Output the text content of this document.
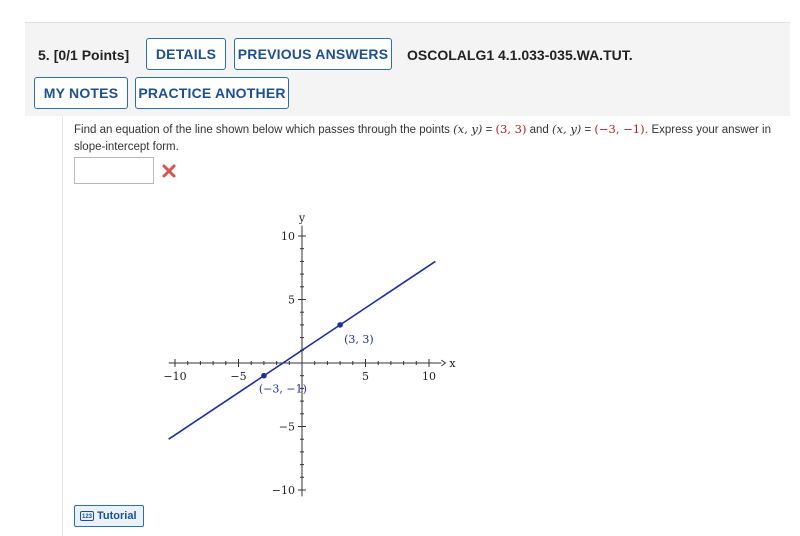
5. [0/1 Points]	DETAILS	PREVIOUS ANSWERS OSCOLALG1 4.1.033-035.WA.TUT.
MY NOTES	PRACTICE ANOTHER
Find an equation of the line shown below which passes through the points (x, y) = (3, 3) and (x, y) = (−3, −1). Express your answer in slope-intercept form.
−10	−5	5	10
10
5
−5
−10
x
y
(3, 3)
(−3, −1)
123 Tutorial
